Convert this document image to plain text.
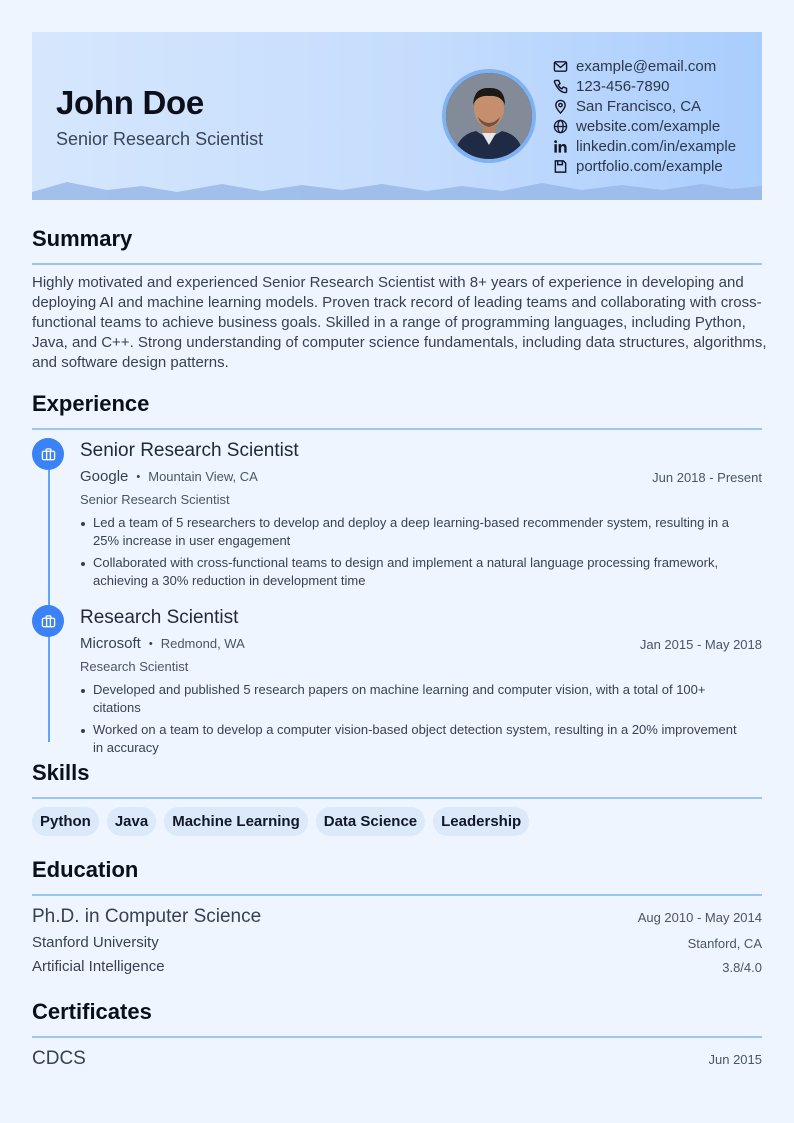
John Doe
Senior Research Scientist
example@email.com
123-456-7890
San Francisco, CA
website.com/example
linkedin.com/in/example
portfolio.com/example
Summary

Highly motivated and experienced Senior Research Scientist with 8+ years of experience in developing and deploying AI and machine learning models. Proven track record of leading teams and collaborating with cross-functional teams to achieve business goals. Skilled in a range of programming languages, including Python, Java, and C++. Strong understanding of computer science fundamentals, including data structures, algorithms, and software design patterns.

Experience
Senior Research Scientist
Google • Mountain View, CA	Jun 2018 - Present
Senior Research Scientist
Led a team of 5 researchers to develop and deploy a deep learning-based recommender system, resulting in a 25% increase in user engagement
Collaborated with cross-functional teams to design and implement a natural language processing framework, achieving a 30% reduction in development time
Research Scientist
Microsoft • Redmond, WA	Jan 2015 - May 2018
Research Scientist
Developed and published 5 research papers on machine learning and computer vision, with a total of 100+ citations
Worked on a team to develop a computer vision-based object detection system, resulting in a 20% improvement in accuracy
Skills
Python	Java	Machine Learning	Data Science	Leadership
Education
Ph.D. in Computer Science	Aug 2010 - May 2014
Stanford University	Stanford, CA
Artificial Intelligence	3.8/4.0
Certificates
CDCS	Jun 2015
